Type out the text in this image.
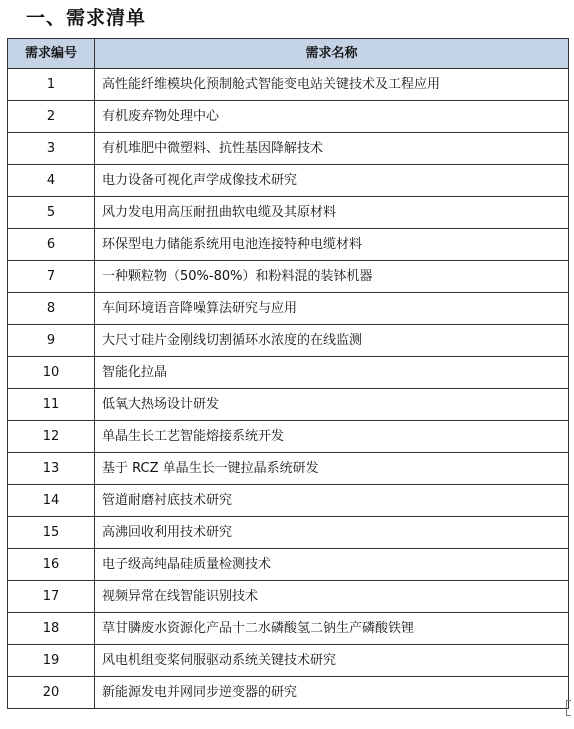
一、需求清单
需求编号	需求名称
1	高性能纤维模块化预制舱式智能变电站关键技术及工程应用
2	有机废弃物处理中心
3	有机堆肥中微塑料、抗性基因降解技术
4	电力设备可视化声学成像技术研究
5	风力发电用高压耐扭曲软电缆及其原材料
6	环保型电力储能系统用电池连接特种电缆材料
7	一种颗粒物（50%-80%）和粉料混的装钵机器
8	车间环境语音降噪算法研究与应用
9	大尺寸硅片金刚线切割循环水浓度的在线监测
10	智能化拉晶
11	低氧大热场设计研发
12	单晶生长工艺智能熔接系统开发
13	基于 RCZ 单晶生长一键拉晶系统研发
14	管道耐磨衬底技术研究
15	高沸回收利用技术研究
16	电子级高纯晶硅质量检测技术
17	视频异常在线智能识别技术
18	草甘膦废水资源化产品十二水磷酸氢二钠生产磷酸铁锂
19	风电机组变桨伺服驱动系统关键技术研究
20	新能源发电并网同步逆变器的研究
